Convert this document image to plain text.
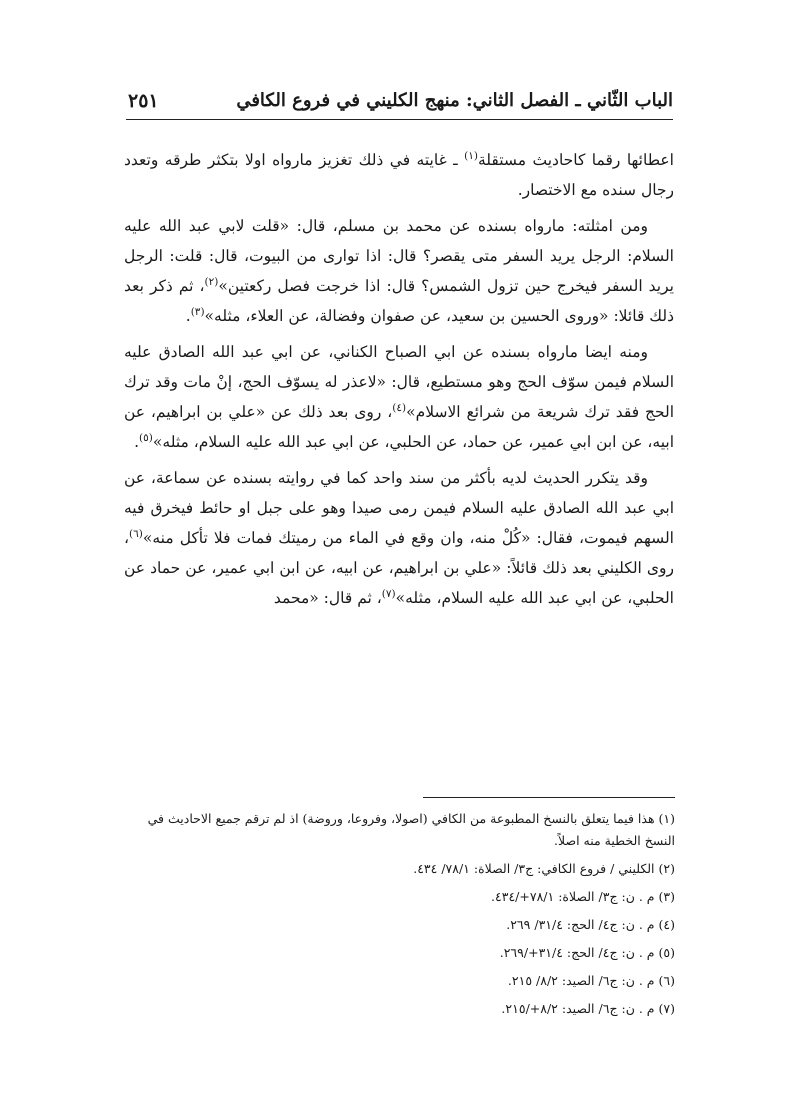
الباب الثّاني ـ الفصل الثاني: منهج الكليني في فروع الكافي
٢٥١

اعطائها رقما كاحاديث مستقلة$^{(١)}$ ـ غايته في ذلك تغزيز مارواه اولا بتكثر طرقه وتعدد رجال سنده مع الاختصار.

ومن امثلته: مارواه بسنده عن محمد بن مسلم، قال: «قلت لابي عبد الله عليه السلام: الرجل يريد السفر متى يقصر؟ قال: اذا توارى من البيوت، قال: قلت: الرجل يريد السفر فيخرج حين تزول الشمس؟ قال: اذا خرجت فصل ركعتين»$^{(٢)}$، ثم ذكر بعد ذلك قائلا: «وروى الحسين بن سعيد، عن صفوان وفضالة، عن العلاء، مثله»$^{(٣)}$.

ومنه ايضا مارواه بسنده عن ابي الصباح الكناني، عن ابي عبد الله الصادق عليه السلام فيمن سوّف الحج وهو مستطيع، قال: «لاعذر له يسوّف الحج، إنْ مات وقد ترك الحج فقد ترك شريعة من شرائع الاسلام»$^{(٤)}$، روى بعد ذلك عن «علي بن ابراهيم، عن ابيه، عن ابن ابي عمير، عن حماد، عن الحلبي، عن ابي عبد الله عليه السلام، مثله»$^{(٥)}$.

وقد يتكرر الحديث لديه بأكثر من سند واحد كما في روايته بسنده عن سماعة، عن ابي عبد الله الصادق عليه السلام فيمن رمى صيدا وهو على جبل او حائط فيخرق فيه السهم فيموت، فقال: «كُلْ منه، وان وقع في الماء من رميتك فمات فلا تأكل منه»$^{(٦)}$، روى الكليني بعد ذلك قائلاً: «علي بن ابراهيم، عن ابيه، عن ابن ابي عمير، عن حماد عن الحلبي، عن ابي عبد الله عليه السلام، مثله»$^{(٧)}$، ثم قال: «محمد

(١) هذا فيما يتعلق بالنسخ المطبوعة من الكافي (اصولا، وفروعا، وروضة) اذ لم ترقم جميع الاحاديث في النسخ الخطية منه اصلاً.
(٢) الكليني / فروع الكافي: ج٣/ الصلاة: ٧٨/١/ ٤٣٤.
(٣) م . ن: ج٣/ الصلاة: ٧٨/١+/٤٣٤.
(٤) م . ن: ج٤/ الحج: ٣١/٤/ ٢٦٩.
(٥) م . ن: ج٤/ الحج: ٣١/٤+/٢٦٩.
(٦) م . ن: ج٦/ الصيد: ٨/٢/ ٢١٥.
(٧) م . ن: ج٦/ الصيد: ٨/٢+/٢١٥.
